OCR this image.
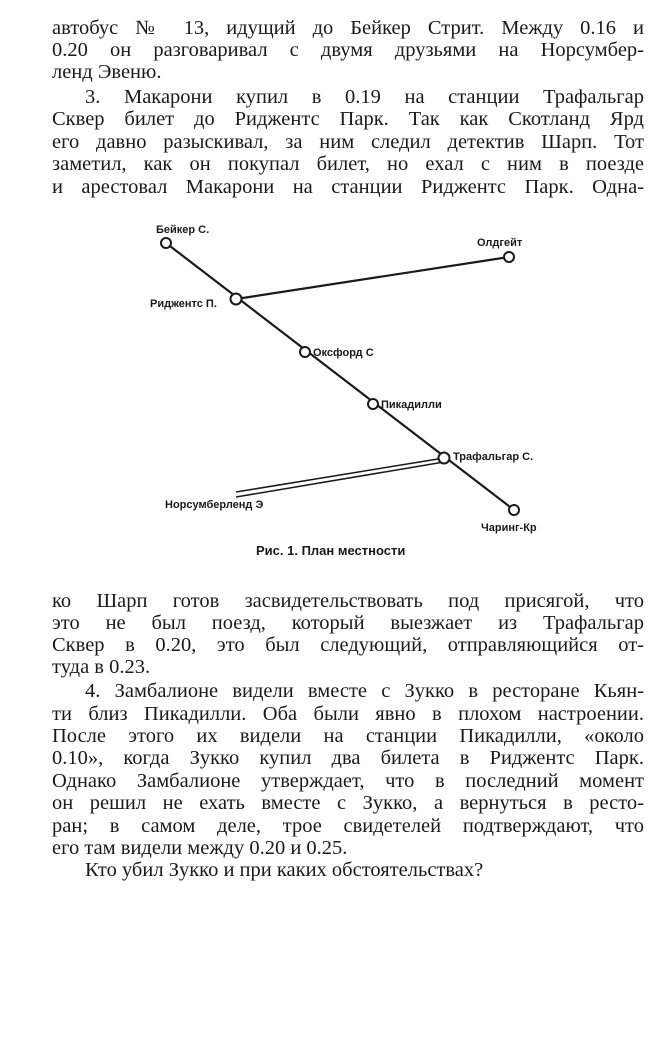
автобус № 13, идущий до Бейкер Стрит. Между 0.16 и
0.20 он разговаривал с двумя друзьями на Норсумбер-
ленд Эвеню.
3. Макарони купил в 0.19 на станции Трафальгар
Сквер билет до Риджентс Парк. Так как Скотланд Ярд
его давно разыскивал, за ним следил детектив Шарп. Тот
заметил, как он покупал билет, но ехал с ним в поезде
и арестовал Макарони на станции Риджентс Парк. Одна-
Бейкер С.
Олдгейт
Риджентс П.
Оксфорд С
Пикадилли
Трафальгар С.
Норсумберленд Э
Чаринг-Кр
Рис. 1. План местности
ко Шарп готов засвидетельствовать под присягой, что
это не был поезд, который выезжает из Трафальгар
Сквер в 0.20, это был следующий, отправляющийся от-
туда в 0.23.
4. Замбалионе видели вместе с Зукко в ресторане Кьян-
ти близ Пикадилли. Оба были явно в плохом настроении.
После этого их видели на станции Пикадилли, «около
0.10», когда Зукко купил два билета в Риджентс Парк.
Однако Замбалионе утверждает, что в последний момент
он решил не ехать вместе с Зукко, а вернуться в ресто-
ран; в самом деле, трое свидетелей подтверждают, что
его там видели между 0.20 и 0.25.
Кто убил Зукко и при каких обстоятельствах?
